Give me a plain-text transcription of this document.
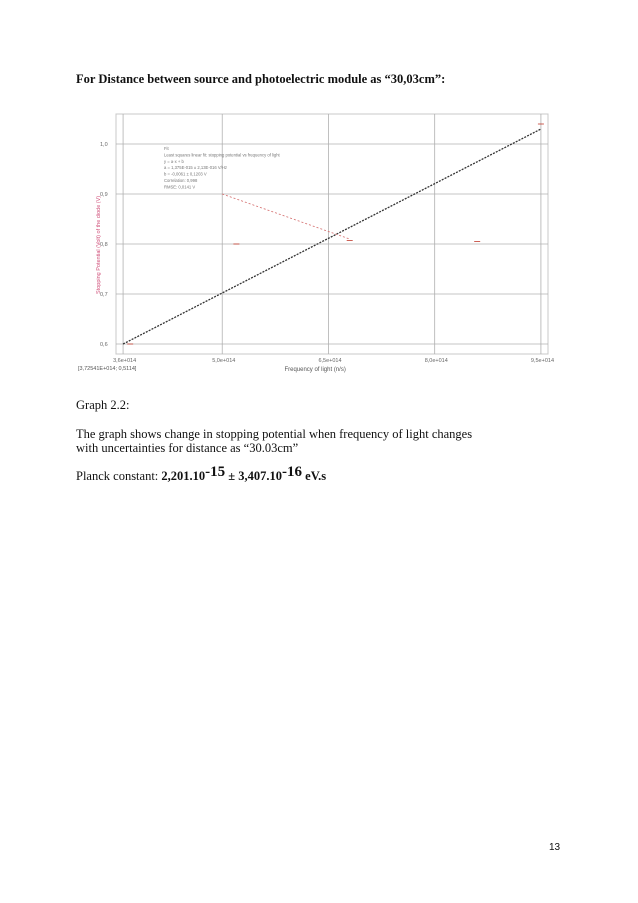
For Distance between source and photoelectric module as “30,03cm”:
0,6
0,7
0,8
0,9
1,0
3,6e+014	5,0e+014	6,5e+014	8,0e+014	9,5e+014
Fit
Least squares linear fit: stopping potential vs frequency of light
y = a·x + b
a = 1,375E-015 ± 2,13E-016 V/Hz
b = -0,0061 ± 0,1203 V
Correlation: 0,998
RMSE: 0,0141 V
Frequency of light (n/s)
Stopping Potential (Volt) of the diode (V)
[3,72541E+014; 0,5114]
Graph 2.2:
The graph shows change in stopping potential when frequency of light changes with uncertainties for distance as “30.03cm”
Planck constant: $2,201.10^{-15} \pm 3,407.10^{-16}$ eV.s
13
